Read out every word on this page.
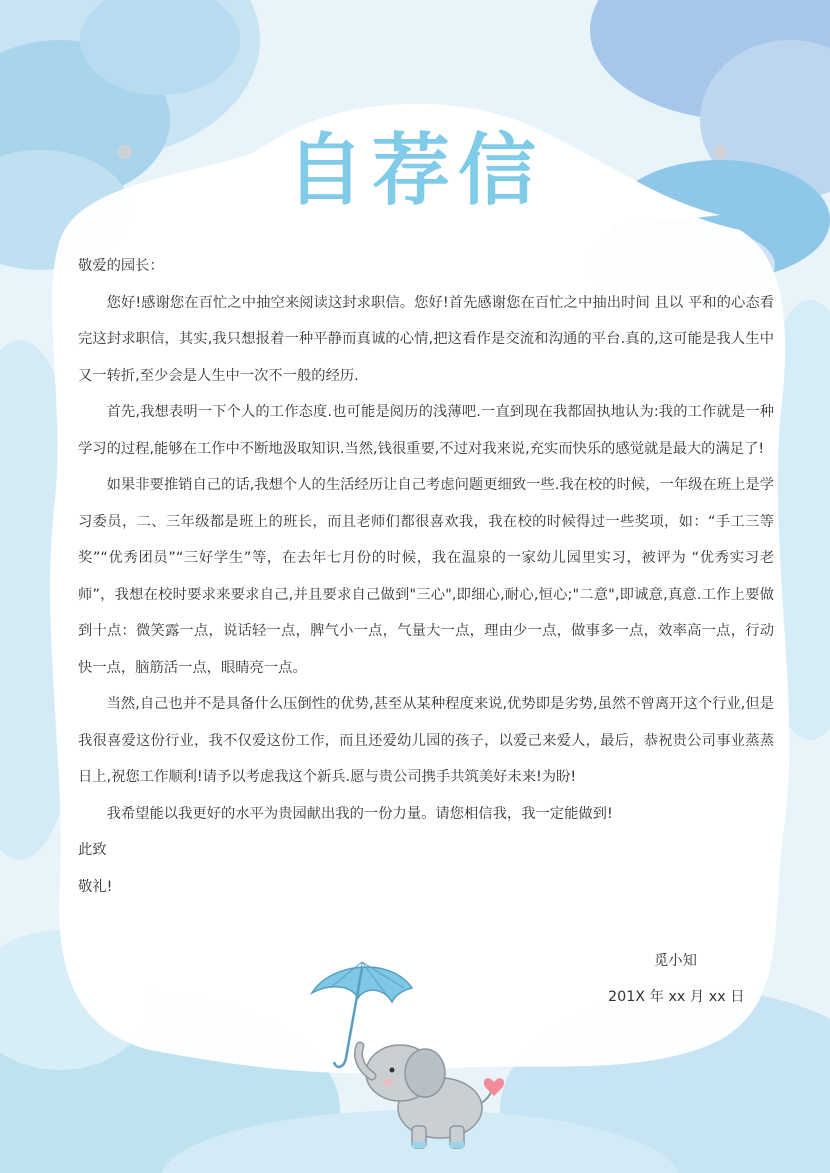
自荐信

敬爱的园长：

您好!感谢您在百忙之中抽空来阅读这封求职信。您好!首先感谢您在百忙之中抽出时间 且以 平和的心态看完这封求职信，其实,我只想报着一种平静而真诚的心情,把这看作是交流和沟通的平台.真的,这可能是我人生中又一转折,至少会是人生中一次不一般的经历.

首先,我想表明一下个人的工作态度.也可能是阅历的浅薄吧.一直到现在我都固执地认为:我的工作就是一种学习的过程,能够在工作中不断地汲取知识.当然,钱很重要,不过对我来说,充实而快乐的感觉就是最大的满足了!

如果非要推销自己的话,我想个人的生活经历让自己考虑问题更细致一些.我在校的时候，一年级在班上是学习委员，二、三年级都是班上的班长，而且老师们都很喜欢我，我在校的时候得过一些奖项，如：“手工三等奖”“优秀团员”“三好学生”等，在去年七月份的时候，我在温泉的一家幼儿园里实习，被评为 “优秀实习老师”，我想在校时要求来要求自己,并且要求自己做到"三心",即细心,耐心,恒心;"二意",即诚意,真意.工作上要做到十点：微笑露一点，说话轻一点，脾气小一点，气量大一点，理由少一点，做事多一点，效率高一点，行动快一点，脑筋活一点，眼睛亮一点。

当然,自己也并不是具备什么压倒性的优势,甚至从某种程度来说,优势即是劣势,虽然不曾离开这个行业,但是我很喜爱这份行业，我不仅爱这份工作，而且还爱幼儿园的孩子，以爱己来爱人，最后，恭祝贵公司事业蒸蒸日上,祝您工作顺利!请予以考虑我这个新兵.愿与贵公司携手共筑美好未来!为盼!

我希望能以我更好的水平为贵园献出我的一份力量。请您相信我，我一定能做到!

此致

敬礼!

觅小知
201X 年 xx 月 xx 日
